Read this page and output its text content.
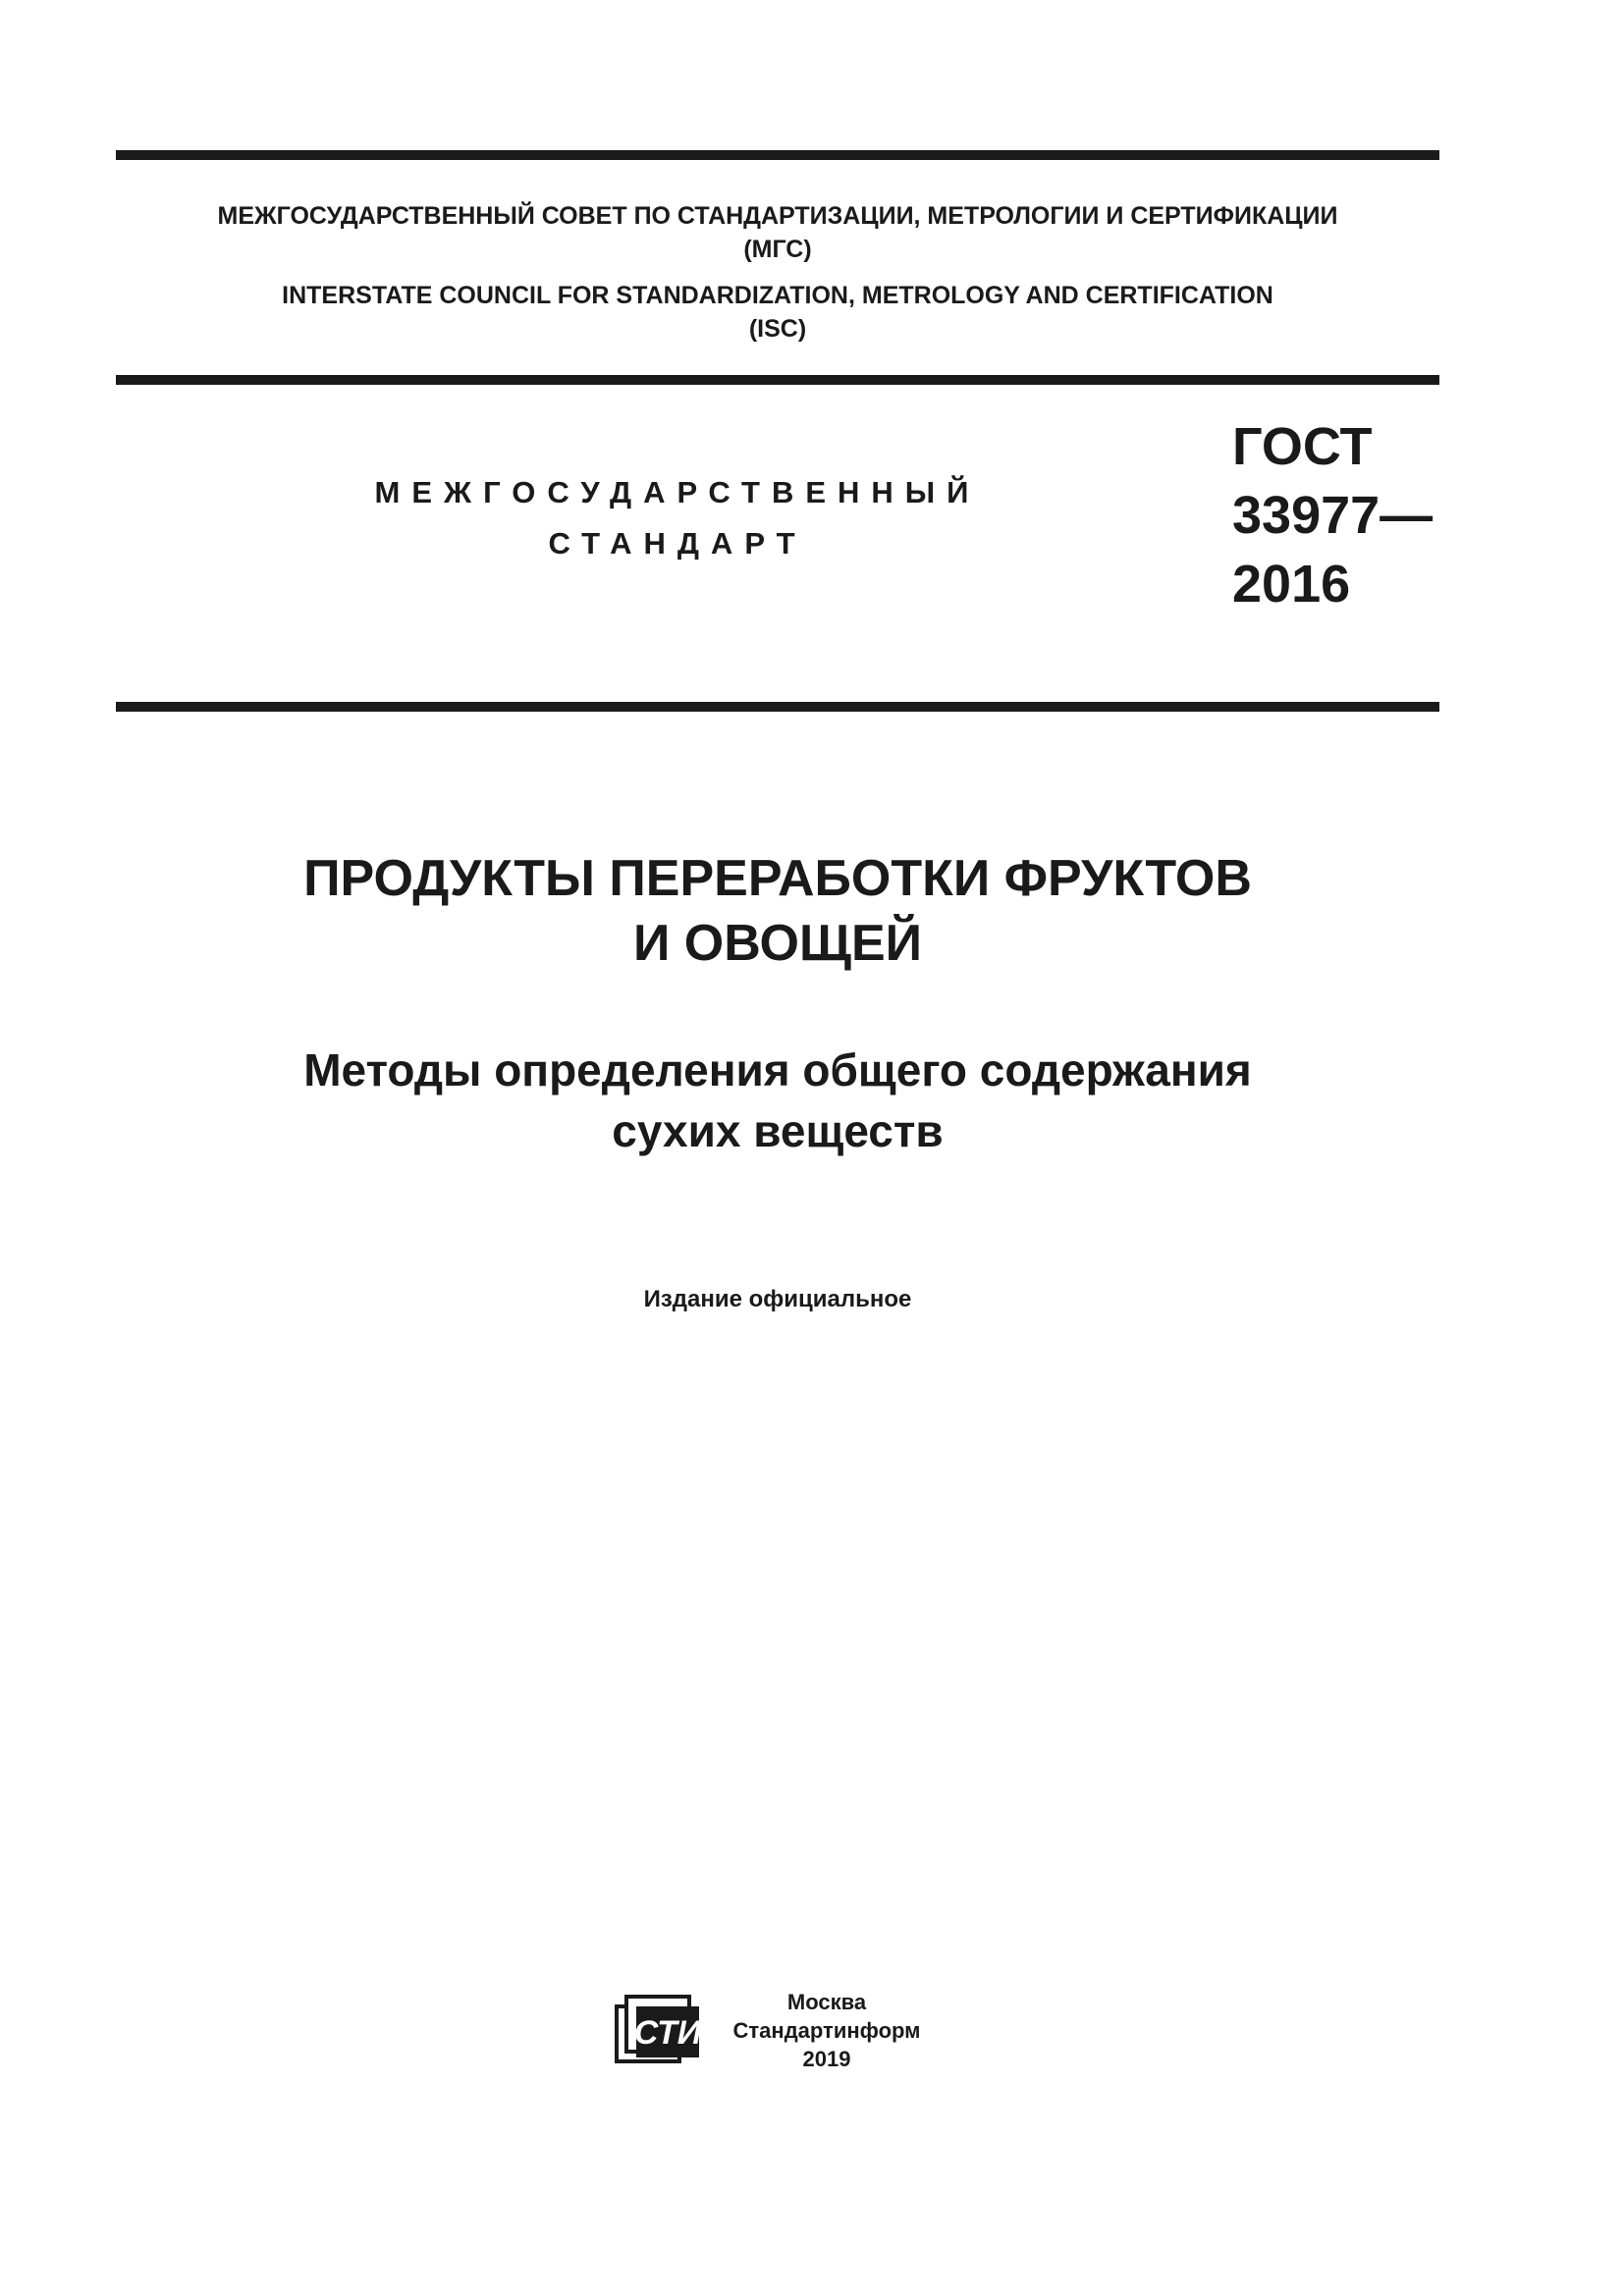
МЕЖГОСУДАРСТВЕННЫЙ СОВЕТ ПО СТАНДАРТИЗАЦИИ, МЕТРОЛОГИИ И СЕРТИФИКАЦИИ
(МГС)
INTERSTATE COUNCIL FOR STANDARDIZATION, METROLOGY AND CERTIFICATION
(ISC)
МЕЖГОСУДАРСТВЕННЫЙ
СТАНДАРТ
ГОСТ
33977—
2016
ПРОДУКТЫ ПЕРЕРАБОТКИ ФРУКТОВ
И ОВОЩЕЙ
Методы определения общего содержания
сухих веществ
Издание официальное
СТИ
Москва
Стандартинформ
2019
